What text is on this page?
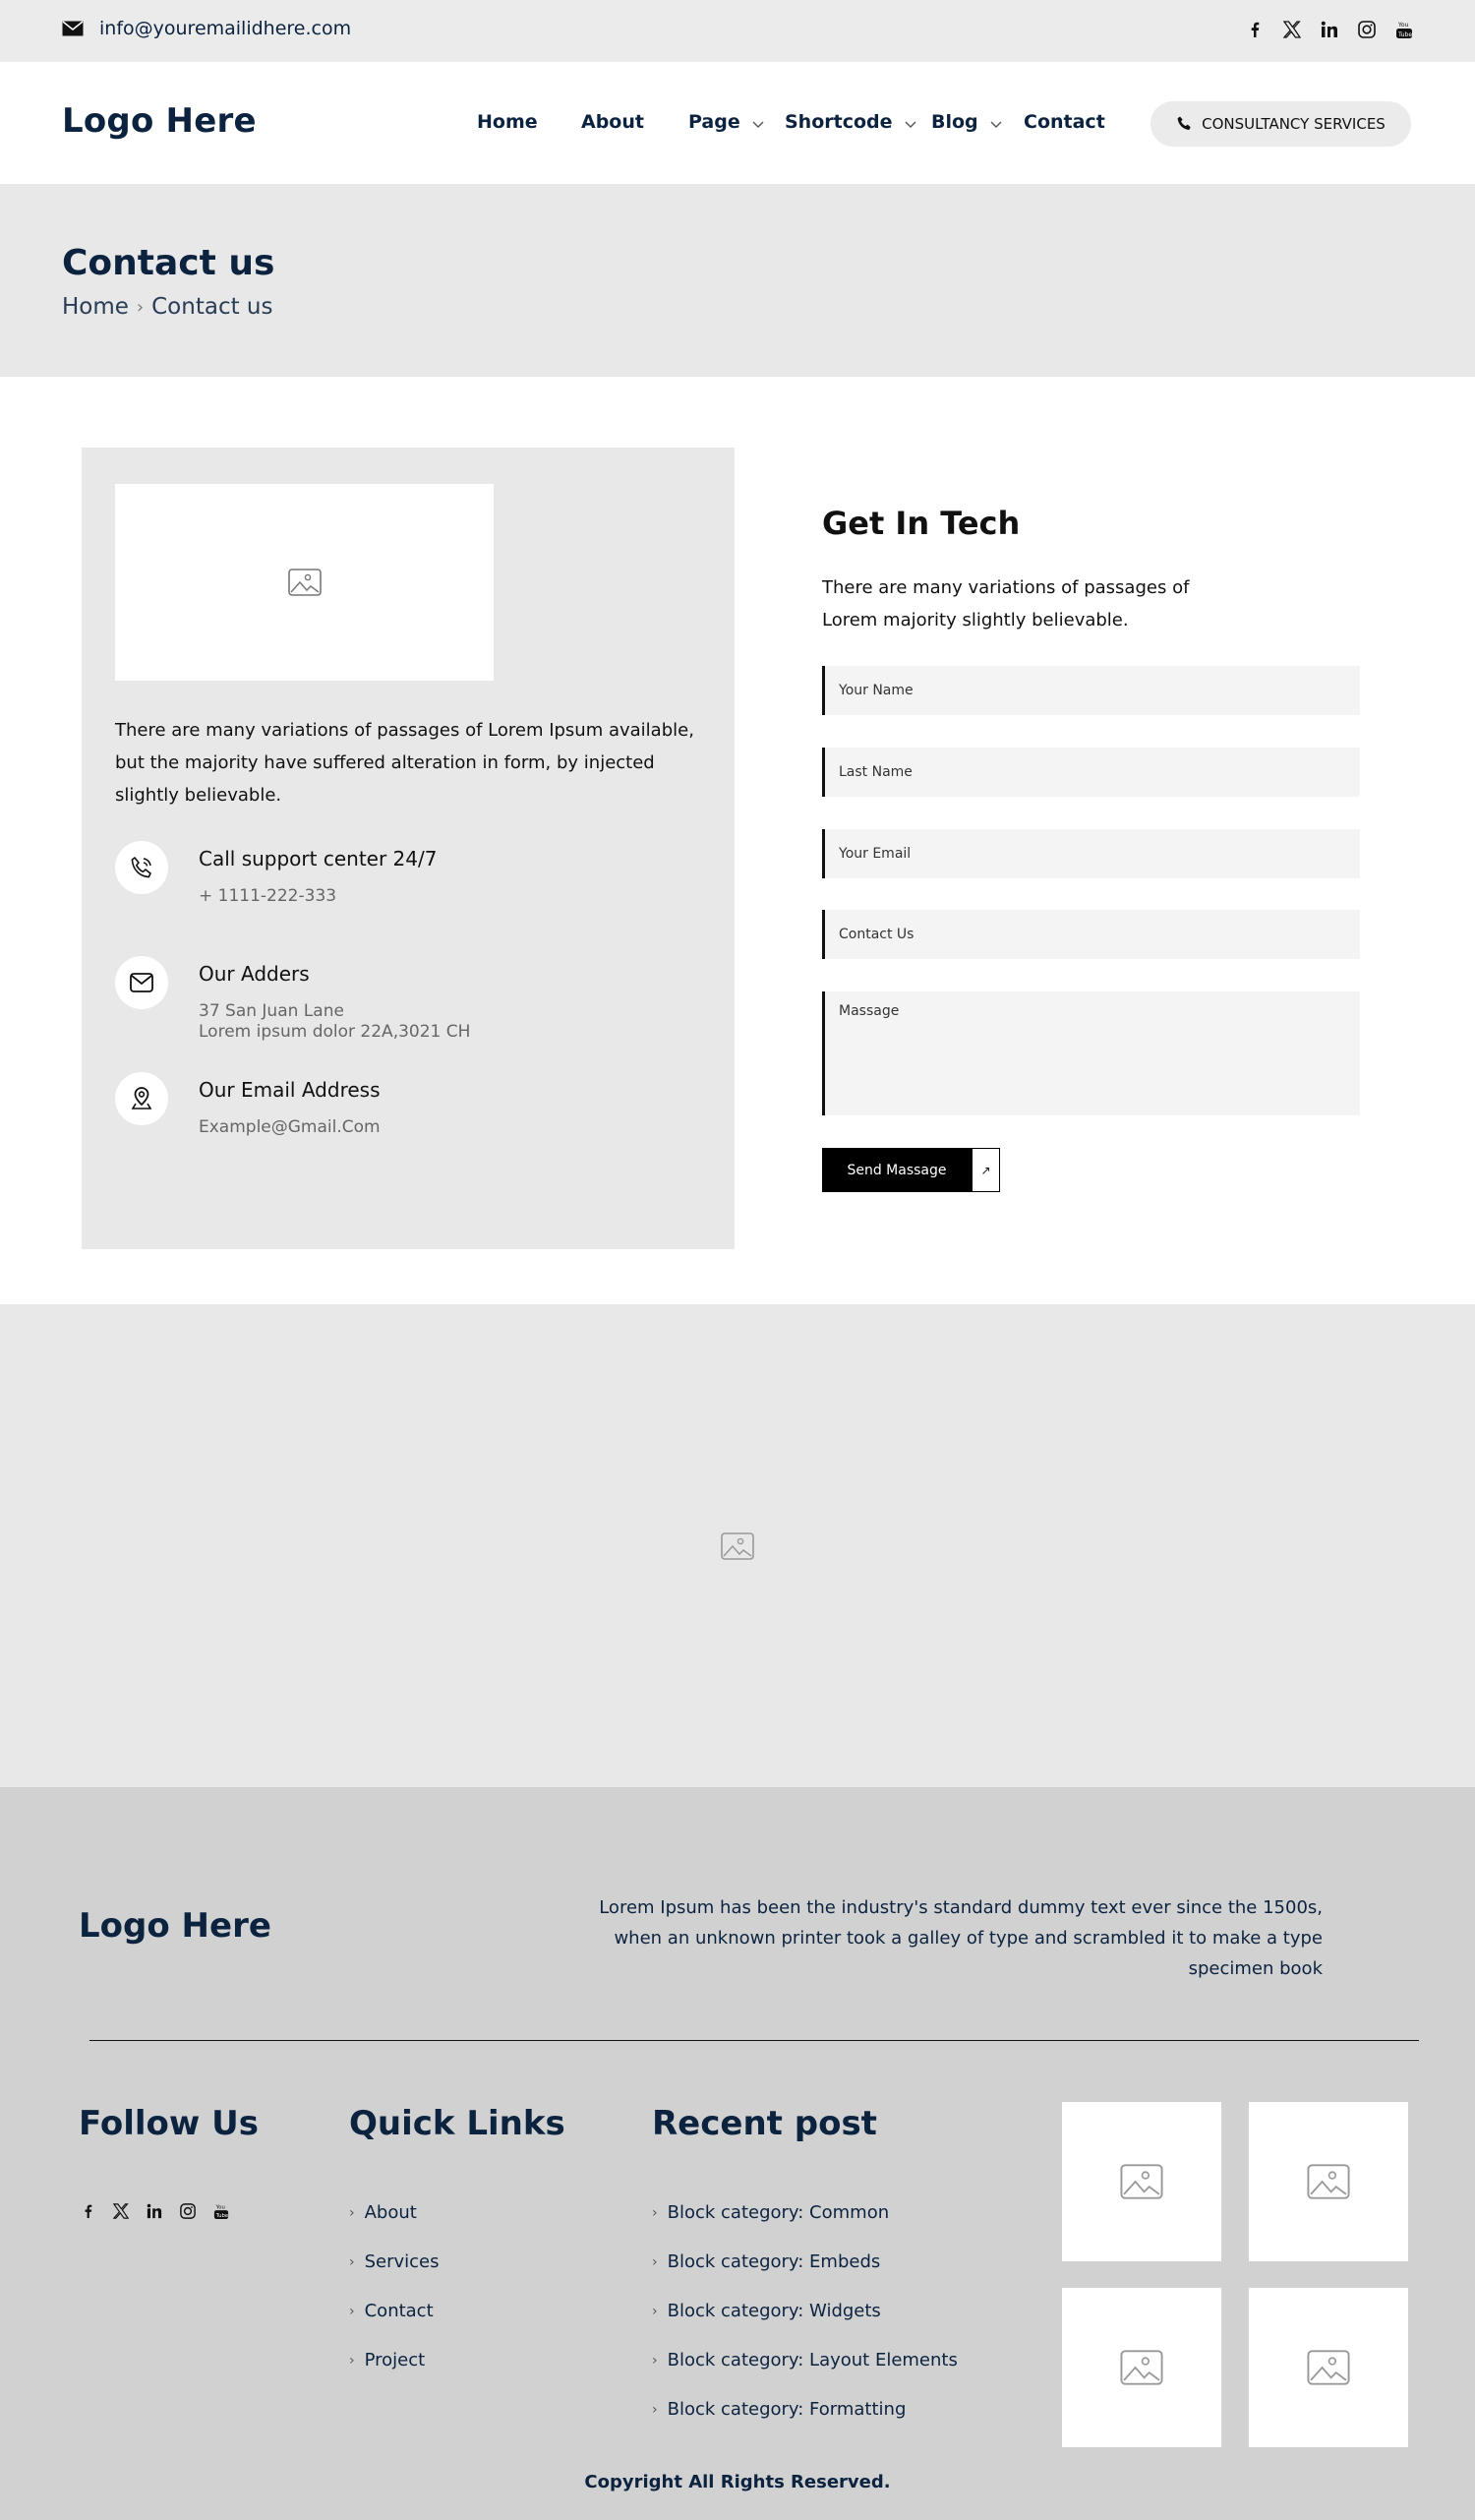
info@youremailidhere.com	You
Tube
Logo Here	Home About Page Shortcode Blog Contact	CONSULTANCY SERVICES
Contact us
Home › Contact us
There are many variations of passages of Lorem Ipsum available, but the majority have suffered alteration in form, by injected slightly believable.
Call support center 24/7
+ 1111-222-333
Our Adders
37 San Juan Lane
Lorem ipsum dolor 22A,3021 CH
Our Email Address
Example@Gmail.Com
Get In Tech
There are many variations of passages of Lorem majority slightly believable.
Your Name
Last Name
Your Email
Contact Us
Massage
Send Massage	↗
Logo Here	Lorem Ipsum has been the industry's standard dummy text ever since the 1500s, when an unknown printer took a galley of type and scrambled it to make a type specimen book
Follow Us	Quick Links	Recent post
You
Tube	› About
› Services
› Contact
› Project
› Block category: Common
› Block category: Embeds
› Block category: Widgets
› Block category: Layout Elements
› Block category: Formatting
Copyright All Rights Reserved.
